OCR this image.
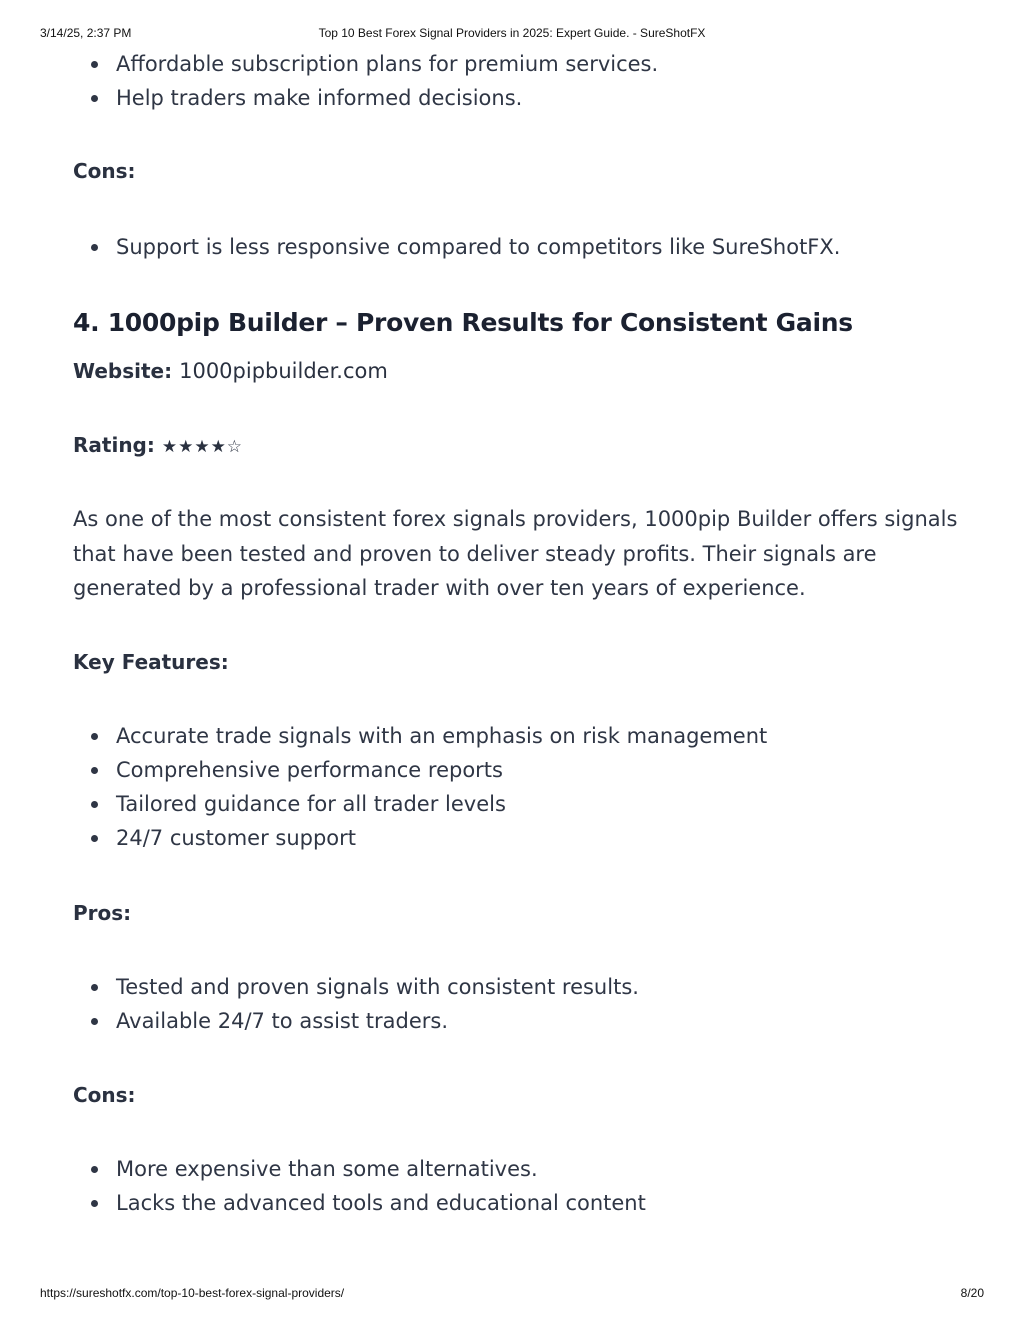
3/14/25, 2:37 PM	Top 10 Best Forex Signal Providers in 2025: Expert Guide. - SureShotFX
Affordable subscription plans for premium services.
Help traders make informed decisions.
Cons:
Support is less responsive compared to competitors like SureShotFX.
4. 1000pip Builder – Proven Results for Consistent Gains
Website: 1000pipbuilder.com
Rating: ★★★★☆

As one of the most consistent forex signals providers, 1000pip Builder offers signals that have been tested and proven to deliver steady profits. Their signals are generated by a professional trader with over ten years of experience.

Key Features:
Accurate trade signals with an emphasis on risk management
Comprehensive performance reports
Tailored guidance for all trader levels
24/7 customer support
Pros:
Tested and proven signals with consistent results.
Available 24/7 to assist traders.
Cons:
More expensive than some alternatives.
Lacks the advanced tools and educational content
https://sureshotfx.com/top-10-best-forex-signal-providers/	8/20
